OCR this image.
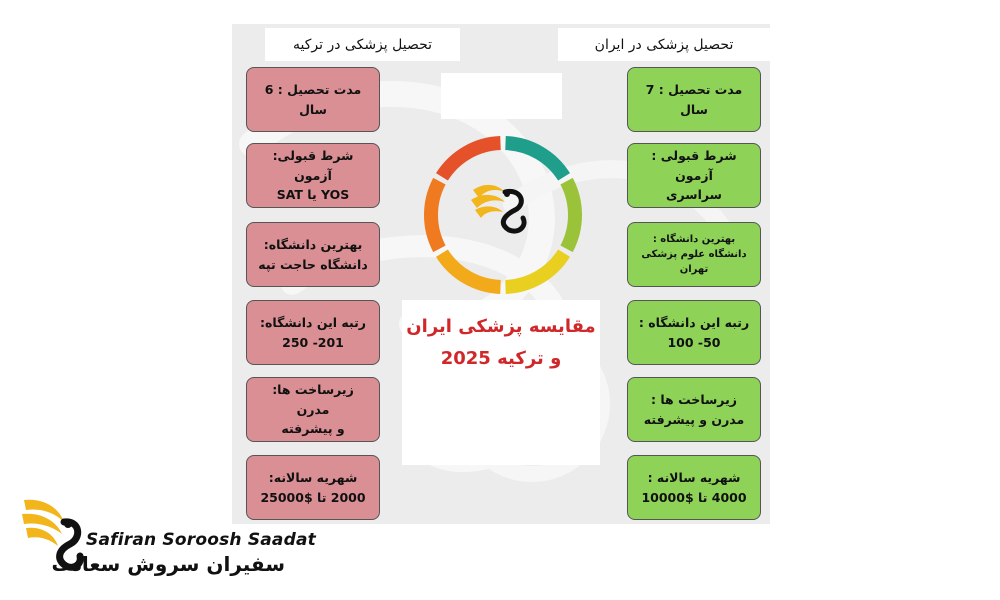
تحصیل پزشکی در ترکیه	تحصیل پزشکی در ایران
مدت تحصیل : 6
سال
شرط قبولی: آزمون
YOS یا SAT
بهترین دانشگاه:
دانشگاه حاجت تپه
رتبه این دانشگاه:
201- 250
زیرساخت ها: مدرن
و پیشرفته
شهریه سالانه:
2000 تا $25000
مدت تحصیل : 7
سال
شرط قبولی : آزمون
سراسری
بهترین دانشگاه :
دانشگاه علوم پزشکی
تهران
رتبه این دانشگاه :
50- 100
زیرساخت ها :
مدرن و پیشرفته
شهریه سالانه :
4000 تا $10000
مقایسه پزشکی ایران
و ترکیه 2025
Safiran Soroosh Saadat
سفیران سروش سعادت
